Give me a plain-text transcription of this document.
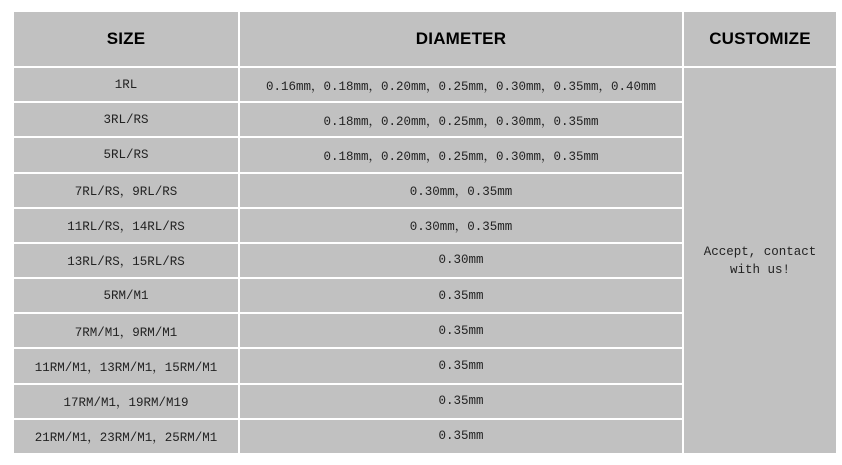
SIZE	DIAMETER	CUSTOMIZE
1RL	0.16mm，0.18mm，0.20mm，0.25mm，0.30mm，0.35mm，0.40mm	Accept, contact with us!
3RL/RS	0.18mm，0.20mm，0.25mm，0.30mm，0.35mm	
5RL/RS	0.18mm，0.20mm，0.25mm，0.30mm，0.35mm	
7RL/RS，9RL/RS	0.30mm，0.35mm	
11RL/RS，14RL/RS	0.30mm，0.35mm	
13RL/RS，15RL/RS	0.30mm	
5RM/M1	0.35mm	
7RM/M1，9RM/M1	0.35mm	
11RM/M1，13RM/M1，15RM/M1	0.35mm	
17RM/M1，19RM/M19	0.35mm	
21RM/M1，23RM/M1，25RM/M1	0.35mm	
